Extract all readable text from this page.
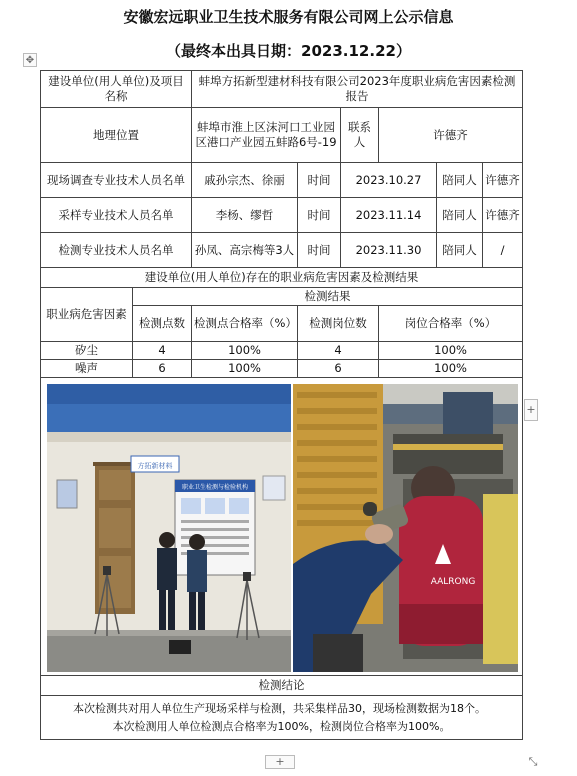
安徽宏远职业卫生技术服务有限公司网上公示信息
（最终本出具日期：2023.12.22）
✥
建设单位(用人单位)及项目名称		蚌埠方拓新型建材科技有限公司2023年度职业病危害因素检测报告					
地理位置		蚌埠市淮上区沫河口工业园区港口产业园五蚌路6号-19		联系人	许德齐		
现场调查专业技术人员名单		戚孙宗杰、徐丽	时间	2023.10.27		陪同人	许德齐
采样专业技术人员名单		李杨、缪哲	时间	2023.11.14		陪同人	许德齐
检测专业技术人员名单		孙凤、高宗梅等3人	时间	2023.11.30		陪同人	/
建设单位(用人单位)存在的职业病危害因素及检测结果							
职业病危害因素	检测结果						
	检测点数	检测点合格率（%）	检测岗位数		岗位合格率（%）		
矽尘	4	100%	4		100%		
噪声	6	100%	6		100%		

方拓新材料
职业卫生检测与检验机构
AALRONG							

检测结论							

本次检测共对用人单位生产现场采样与检测，共采集样品30，现场检测数据为18个。

本次检测用人单位检测点合格率为100%，检测岗位合格率为100%。							

+
+	⤡
